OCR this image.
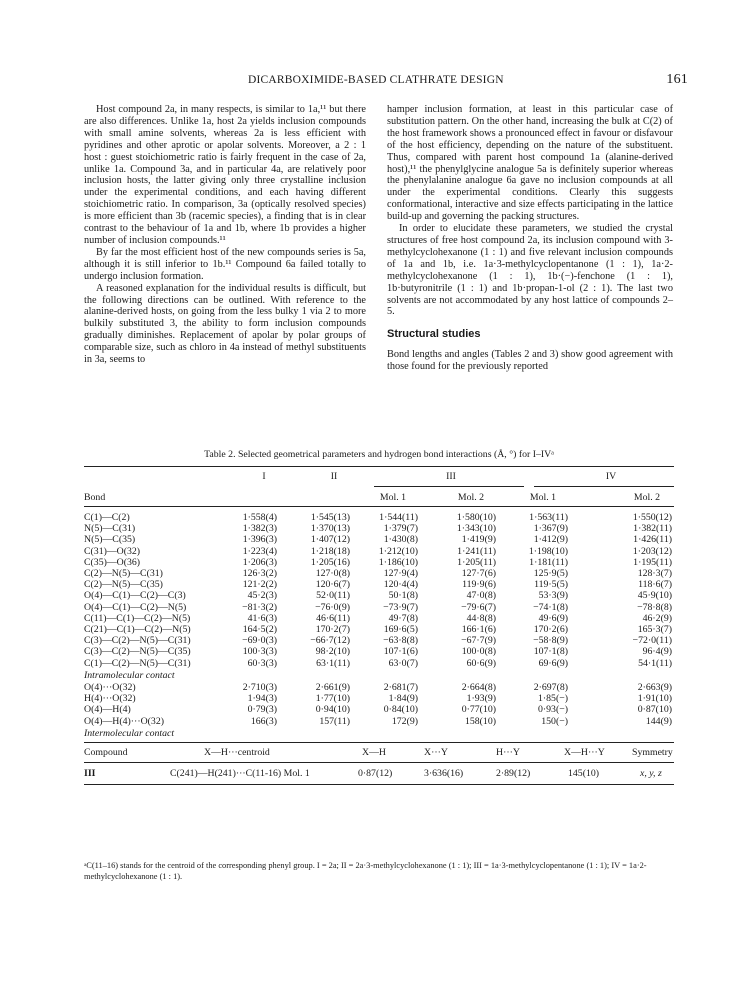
DICARBOXIMIDE-BASED CLATHRATE DESIGN	161

Host compound 2a, in many respects, is similar to 1a,¹¹ but there are also differences. Unlike 1a, host 2a yields inclusion compounds with small amine solvents, whereas 2a is less efficient with pyridines and other aprotic or apolar solvents. Moreover, a 2 : 1 host : guest stoichiometric ratio is fairly frequent in the case of 2a, unlike 1a. Compound 3a, and in particular 4a, are relatively poor inclusion hosts, the latter giving only three crystalline inclusion under the experimental conditions, and each having different stoichiometric ratio. In comparison, 3a (optically resolved species) is more efficient than 3b (racemic species), a finding that is in clear contrast to the behaviour of 1a and 1b, where 1b provides a higher number of inclusion compounds.¹¹

By far the most efficient host of the new compounds series is 5a, although it is still inferior to 1b.¹¹ Compound 6a failed totally to undergo inclusion formation.

A reasoned explanation for the individual results is difficult, but the following directions can be outlined. With reference to the alanine-derived hosts, on going from the less bulky 1 via 2 to more bulkily substituted 3, the ability to form inclusion compounds gradually diminishes. Replacement of apolar by polar groups of comparable size, such as chloro in 4a instead of methyl substituents in 3a, seems to

hamper inclusion formation, at least in this particular case of substitution pattern. On the other hand, increasing the bulk at C(2) of the host framework shows a pronounced effect in favour or disfavour of the host efficiency, depending on the nature of the substituent. Thus, compared with parent host compound 1a (alanine-derived host),¹¹ the phenylglycine analogue 5a is definitely superior whereas the phenylalanine analogue 6a gave no inclusion compounds at all under the experimental conditions. Clearly this suggests conformational, interactive and size effects participating in the lattice build-up and governing the packing structures.

In order to elucidate these parameters, we studied the crystal structures of free host compound 2a, its inclusion compound with 3-methylcyclohexanone (1 : 1) and five relevant inclusion compounds of 1a and 1b, i.e. 1a·3-methylcyclopentanone (1 : 1), 1a·2-methylcyclohexanone (1 : 1), 1b·(−)-fenchone (1 : 1), 1b·butyronitrile (1 : 1) and 1b·propan-1-ol (2 : 1). The last two solvents are not accommodated by any host lattice of compounds 2–5.

Structural studies

Bond lengths and angles (Tables 2 and 3) show good agreement with those found for the previously reported

Table 2. Selected geometrical parameters and hydrogen bond interactions (Å, °) for I–IVᵃ
I	II	III	IV
Bond	Mol. 1	Mol. 2	Mol. 1	Mol. 2
C(1)—C(2)	1·558(4)	1·545(13)	1·544(11)	1·580(10)	1·563(11)	1·550(12)
N(5)—C(31)	1·382(3)	1·370(13)	1·379(7)	1·343(10)	1·367(9)	1·382(11)
N(5)—C(35)	1·396(3)	1·407(12)	1·430(8)	1·419(9)	1·412(9)	1·426(11)
C(31)—O(32)	1·223(4)	1·218(18)	1·212(10)	1·241(11)	1·198(10)	1·203(12)
C(35)—O(36)	1·206(3)	1·205(16)	1·186(10)	1·205(11)	1·181(11)	1·195(11)
C(2)—N(5)—C(31)	126·3(2)	127·0(8)	127·9(4)	127·7(6)	125·9(5)	128·3(7)
C(2)—N(5)—C(35)	121·2(2)	120·6(7)	120·4(4)	119·9(6)	119·5(5)	118·6(7)
O(4)—C(1)—C(2)—C(3)	45·2(3)	52·0(11)	50·1(8)	47·0(8)	53·3(9)	45·9(10)
O(4)—C(1)—C(2)—N(5)	−81·3(2)	−76·0(9)	−73·9(7)	−79·6(7)	−74·1(8)	−78·8(8)
C(11)—C(1)—C(2)—N(5)	41·6(3)	46·6(11)	49·7(8)	44·8(8)	49·6(9)	46·2(9)
C(21)—C(1)—C(2)—N(5)	164·5(2)	170·2(7)	169·6(5)	166·1(6)	170·2(6)	165·3(7)
C(3)—C(2)—N(5)—C(31)	−69·0(3)	−66·7(12)	−63·8(8)	−67·7(9)	−58·8(9)	−72·0(11)
C(3)—C(2)—N(5)—C(35)	100·3(3)	98·2(10)	107·1(6)	100·0(8)	107·1(8)	96·4(9)
C(1)—C(2)—N(5)—C(31)	60·3(3)	63·1(11)	63·0(7)	60·6(9)	69·6(9)	54·1(11)
Intramolecular contact
O(4)···O(32)	2·710(3)	2·661(9)	2·681(7)	2·664(8)	2·697(8)	2·663(9)
H(4)···O(32)	1·94(3)	1·77(10)	1·84(9)	1·93(9)	1·85(−)	1·91(10)
O(4)—H(4)	0·79(3)	0·94(10)	0·84(10)	0·77(10)	0·93(−)	0·87(10)
O(4)—H(4)···O(32)	166(3)	157(11)	172(9)	158(10)	150(−)	144(9)
Intermolecular contact
Compound	X—H···centroid	X—H	X···Y	H···Y	X—H···Y	Symmetry
III	C(241)—H(241)···C(11-16) Mol. 1	0·87(12)	3·636(16)	2·89(12)	145(10)	x, y, z
ᵃC(11–16) stands for the centroid of the corresponding phenyl group. I = 2a; II = 2a·3-methylcyclohexanone (1 : 1); III = 1a·3-methylcyclopentanone (1 : 1); IV = 1a·2-methylcyclohexanone (1 : 1).
